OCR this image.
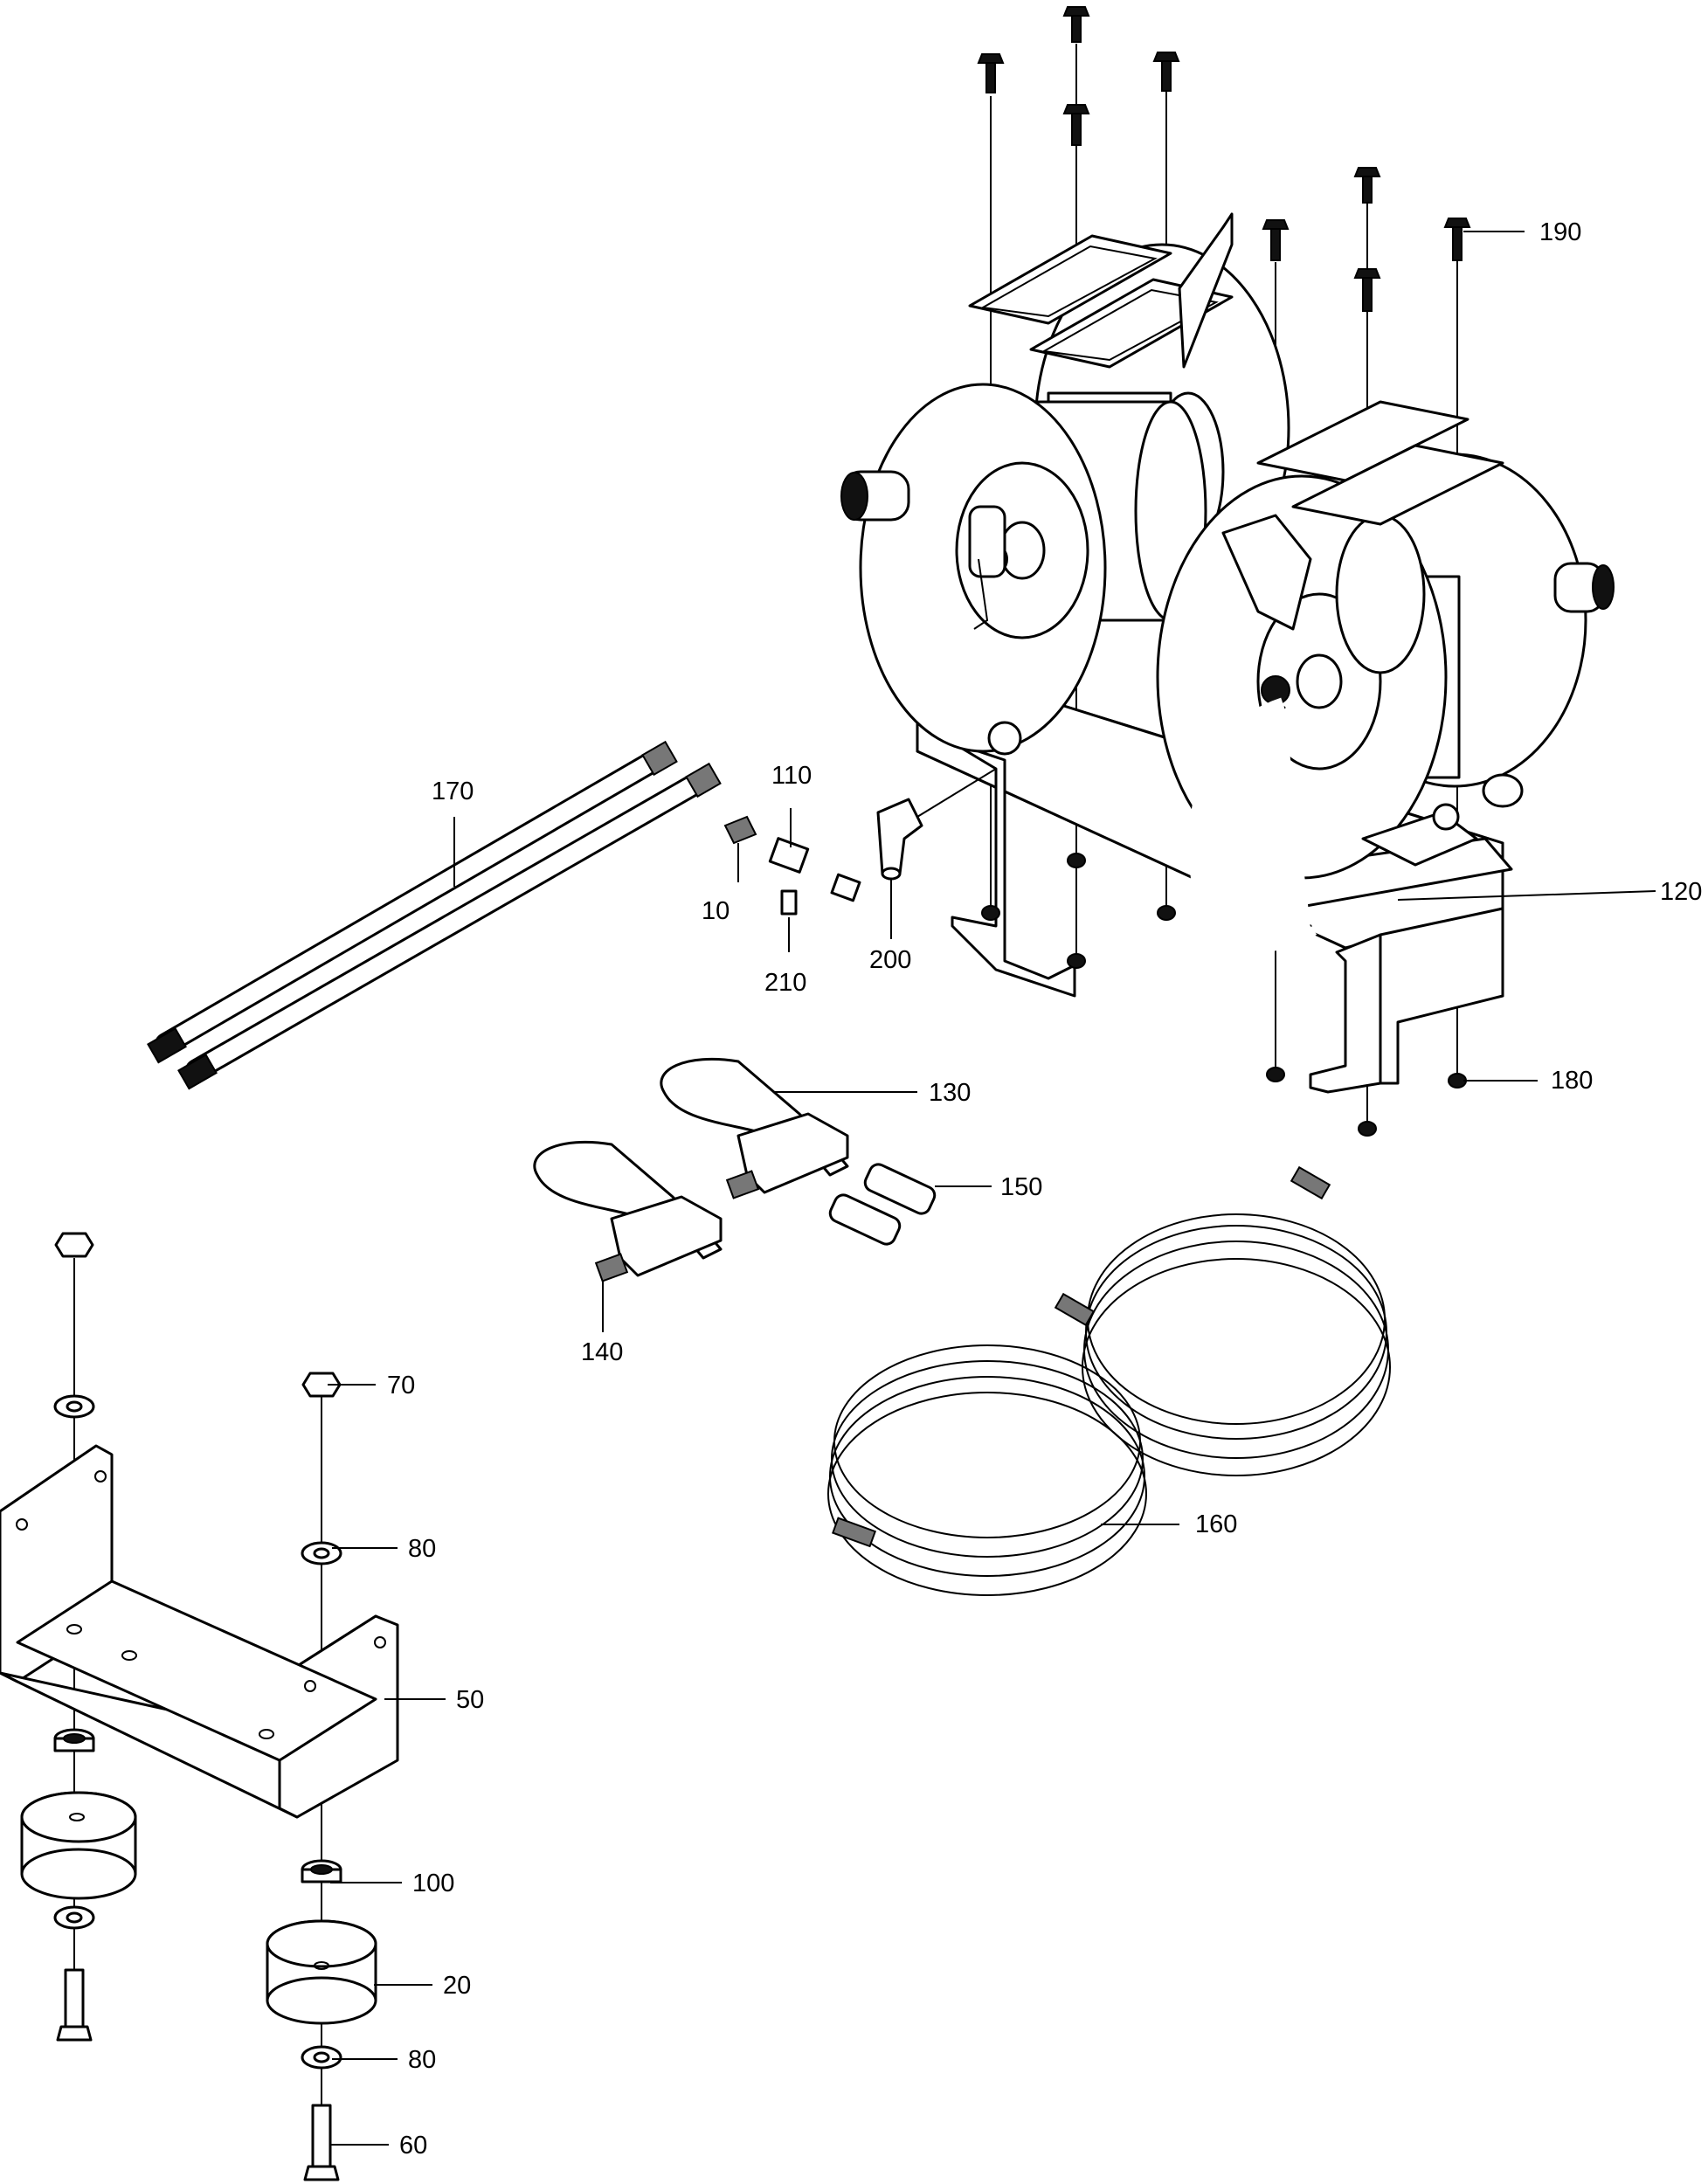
190
170
110
10
210
200
120
180
130
150
140
70
80
50
160
100
20
80
60
